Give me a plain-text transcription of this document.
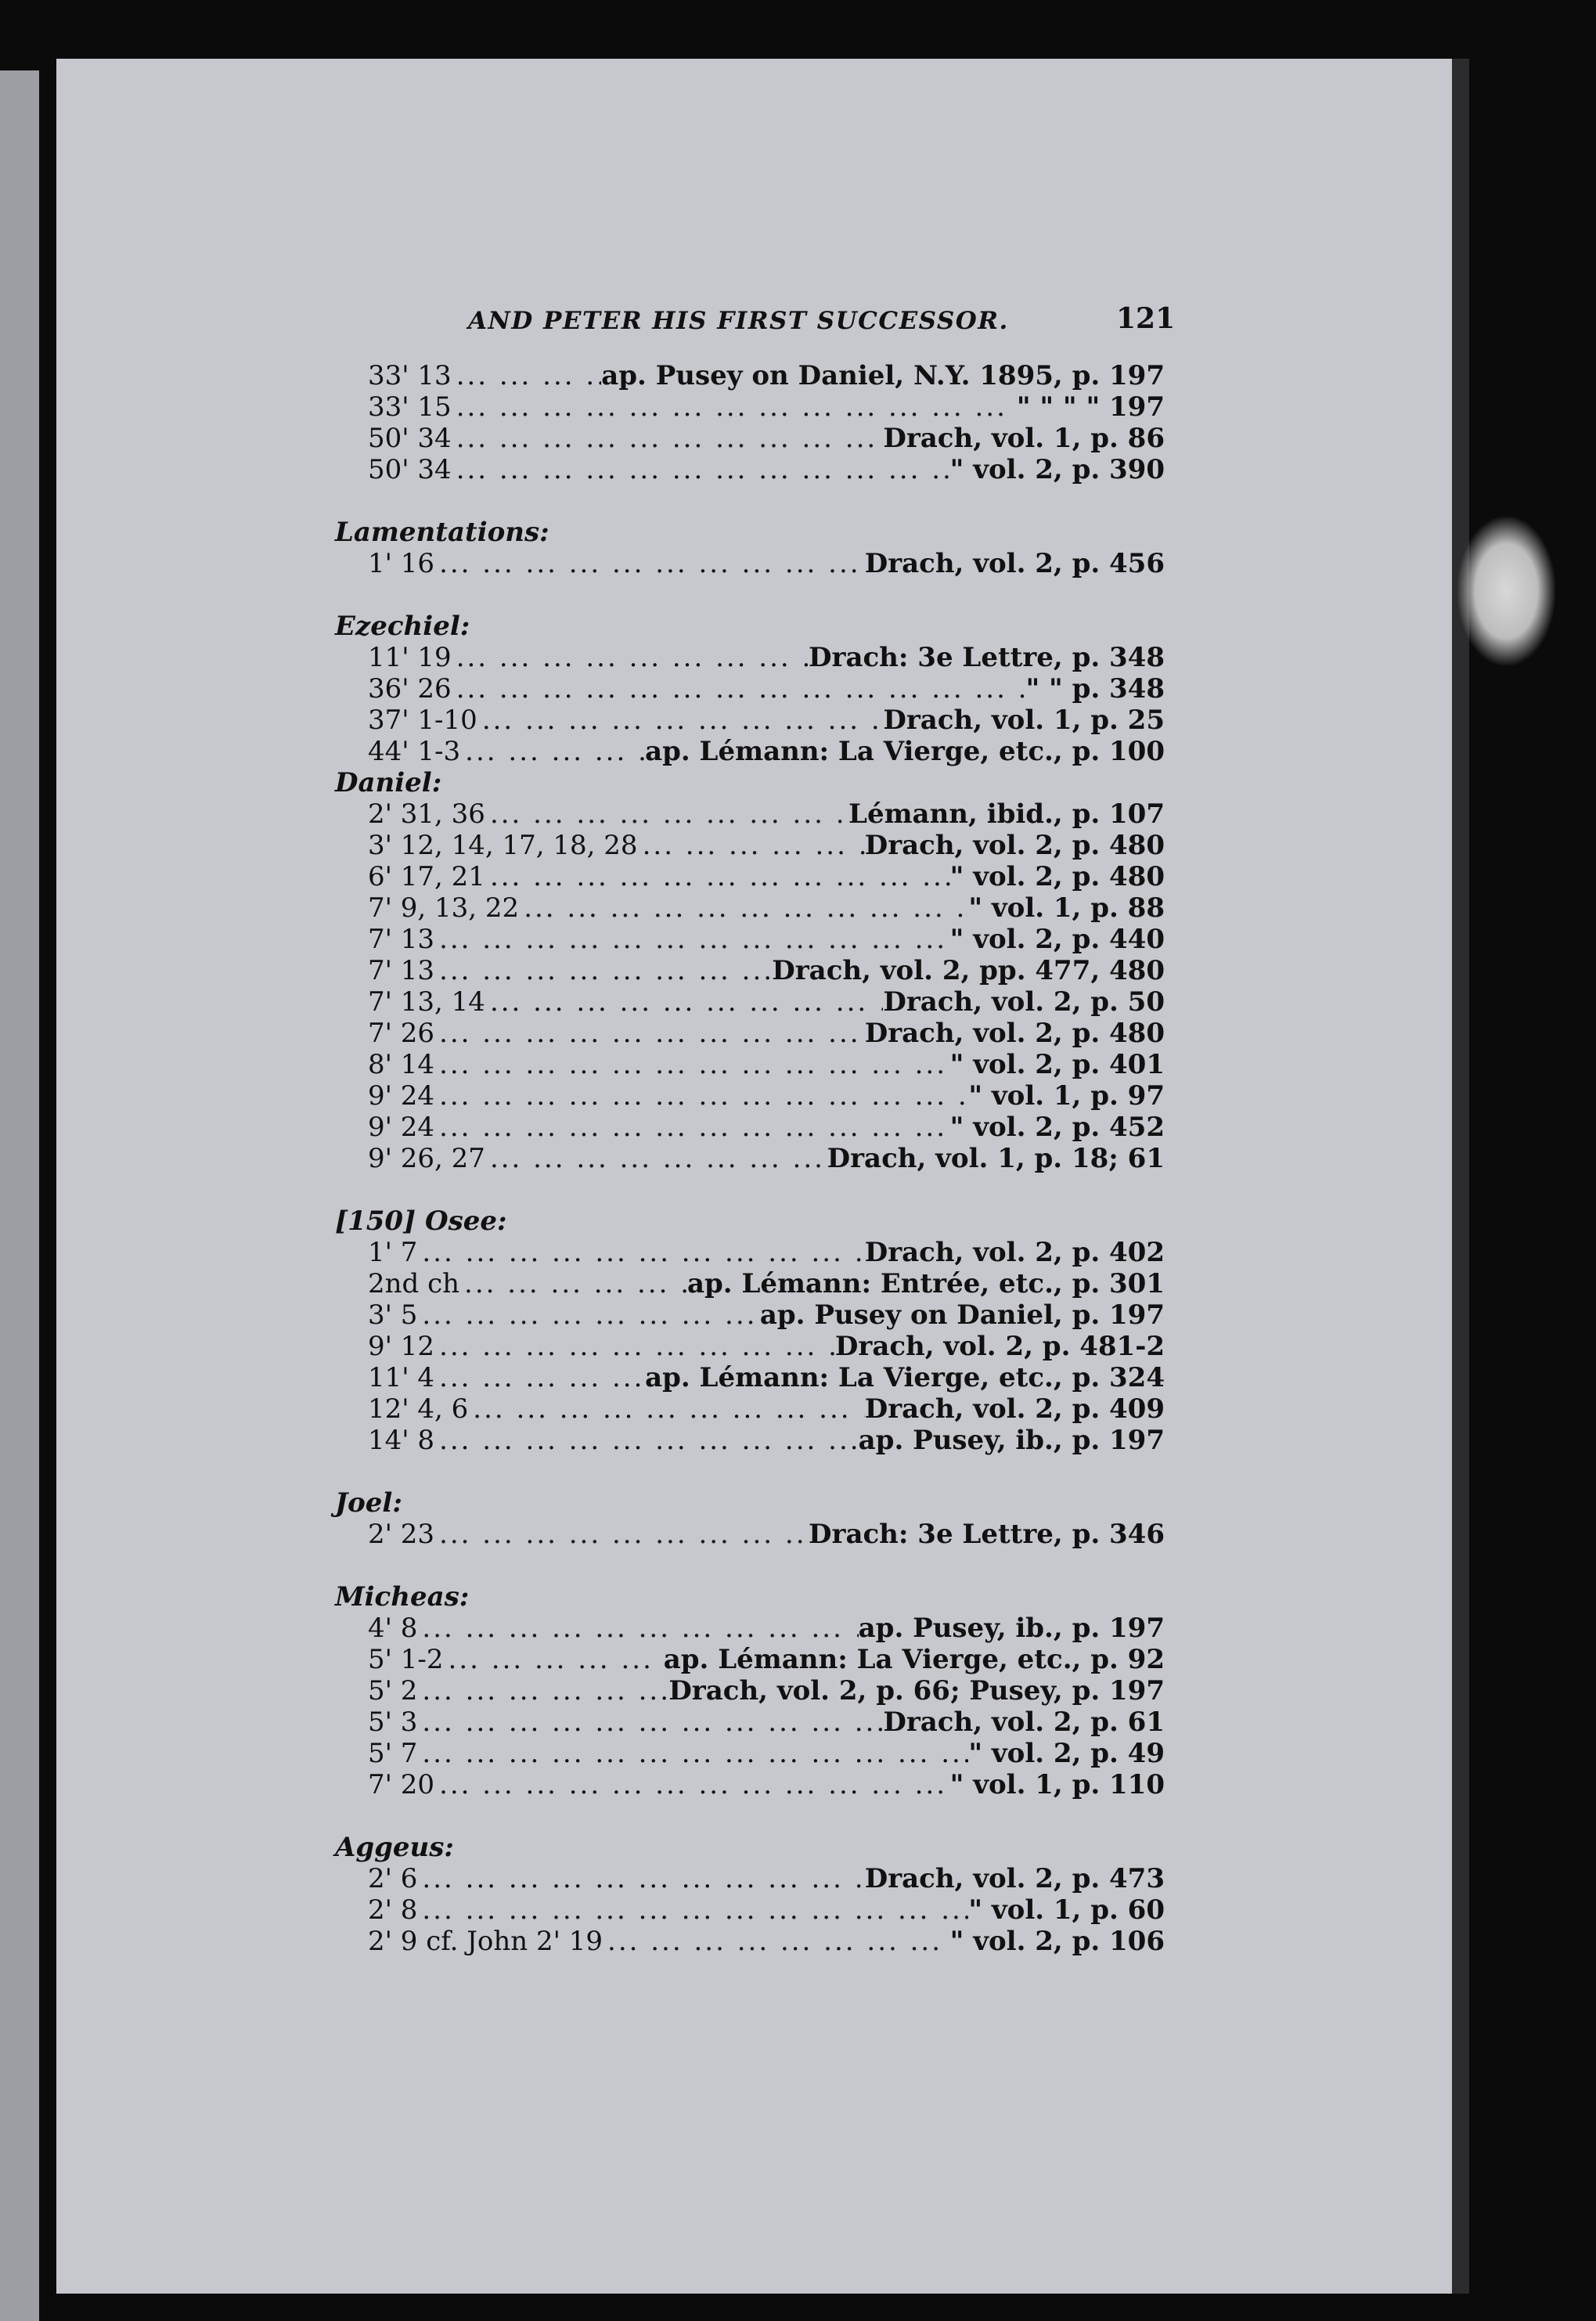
AND PETER HIS FIRST SUCCESSOR.	121
33' 13 ... .	ap. Pusey on Daniel, N.Y. 1895, p. 197
33' 15 ... .	" " " " 197
50' 34 ... .	Drach, vol. 1, p. 86
50' 34 ... .	" vol. 2, p. 390
Lamentations:
1' 16 ... .	Drach, vol. 2, p. 456
Ezechiel:
11' 19 ... .	Drach: 3e Lettre, p. 348
36' 26 ... .	" " p. 348
37' 1-10 ... .	Drach, vol. 1, p. 25
44' 1-3 ... .	ap. Lémann: La Vierge, etc., p. 100
Daniel:
2' 31, 36 ... .	Lémann, ibid., p. 107
3' 12, 14, 17, 18, 28 ... .	Drach, vol. 2, p. 480
6' 17, 21 ... .	" vol. 2, p. 480
7' 9, 13, 22 ... .	" vol. 1, p. 88
7' 13 ... .	" vol. 2, p. 440
7' 13 ... .	Drach, vol. 2, pp. 477, 480
7' 13, 14 ... .	Drach, vol. 2, p. 50
7' 26 ... .	Drach, vol. 2, p. 480
8' 14 ... .	" vol. 2, p. 401
9' 24 ... .	" vol. 1, p. 97
9' 24 ... .	" vol. 2, p. 452
9' 26, 27 ... .	Drach, vol. 1, p. 18; 61
[150] Osee:
1' 7 ... .	Drach, vol. 2, p. 402
2nd ch ... .	ap. Lémann: Entrée, etc., p. 301
3' 5 ... .	ap. Pusey on Daniel, p. 197
9' 12 ... .	Drach, vol. 2, p. 481-2
11' 4 ... .	ap. Lémann: La Vierge, etc., p. 324
12' 4, 6 ... .	Drach, vol. 2, p. 409
14' 8 ... .	ap. Pusey, ib., p. 197
Joel:
2' 23 ... .	Drach: 3e Lettre, p. 346
Micheas:
4' 8 ... .	ap. Pusey, ib., p. 197
5' 1-2 ... .	ap. Lémann: La Vierge, etc., p. 92
5' 2 ... .	Drach, vol. 2, p. 66; Pusey, p. 197
5' 3 ... .	Drach, vol. 2, p. 61
5' 7 ... .	" vol. 2, p. 49
7' 20 ... .	" vol. 1, p. 110
Aggeus:
2' 6 ... .	Drach, vol. 2, p. 473
2' 8 ... .	" vol. 1, p. 60
2' 9 cf. John 2' 19 ... .	" vol. 2, p. 106
